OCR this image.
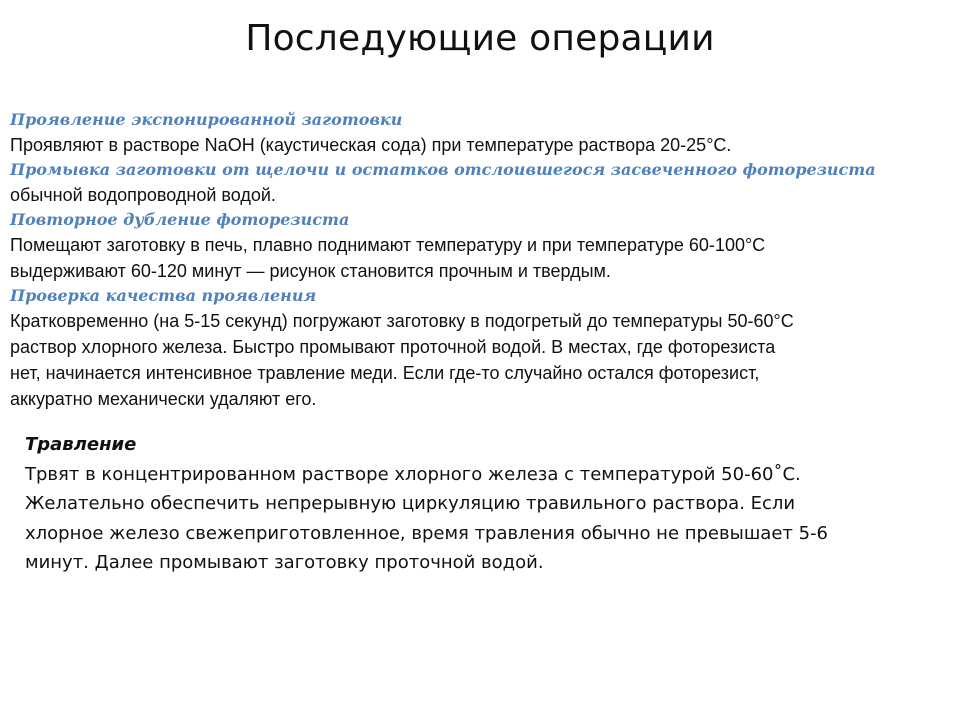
Последующие операции
Проявление экспонированной заготовки
Проявляют в растворе NaOH (каустическая сода) при температуре раствора 20-25°С.
Промывка заготовки от щелочи и остатков отслоившегося засвеченного фоторезиста
обычной водопроводной водой.
Повторное дубление фоторезиста
Помещают заготовку в печь, плавно поднимают температуру и при температуре 60-100°С
выдерживают 60-120 минут — рисунок становится прочным и твердым.
Проверка качества проявления
Кратковременно (на 5-15 секунд) погружают заготовку в подогретый до температуры 50-60°С
раствор хлорного железа. Быстро промывают проточной водой. В местах, где фоторезиста
нет, начинается интенсивное травление меди. Если где-то случайно остался фоторезист,
аккуратно механически удаляют его.
Травление
Трвят в концентрированном растворе хлорного железа с температурой 50-60˚С.
Желательно обеспечить непрерывную циркуляцию травильного раствора. Если
хлорное железо свежеприготовленное, время травления обычно не превышает 5-6
минут. Далее промывают заготовку проточной водой.
